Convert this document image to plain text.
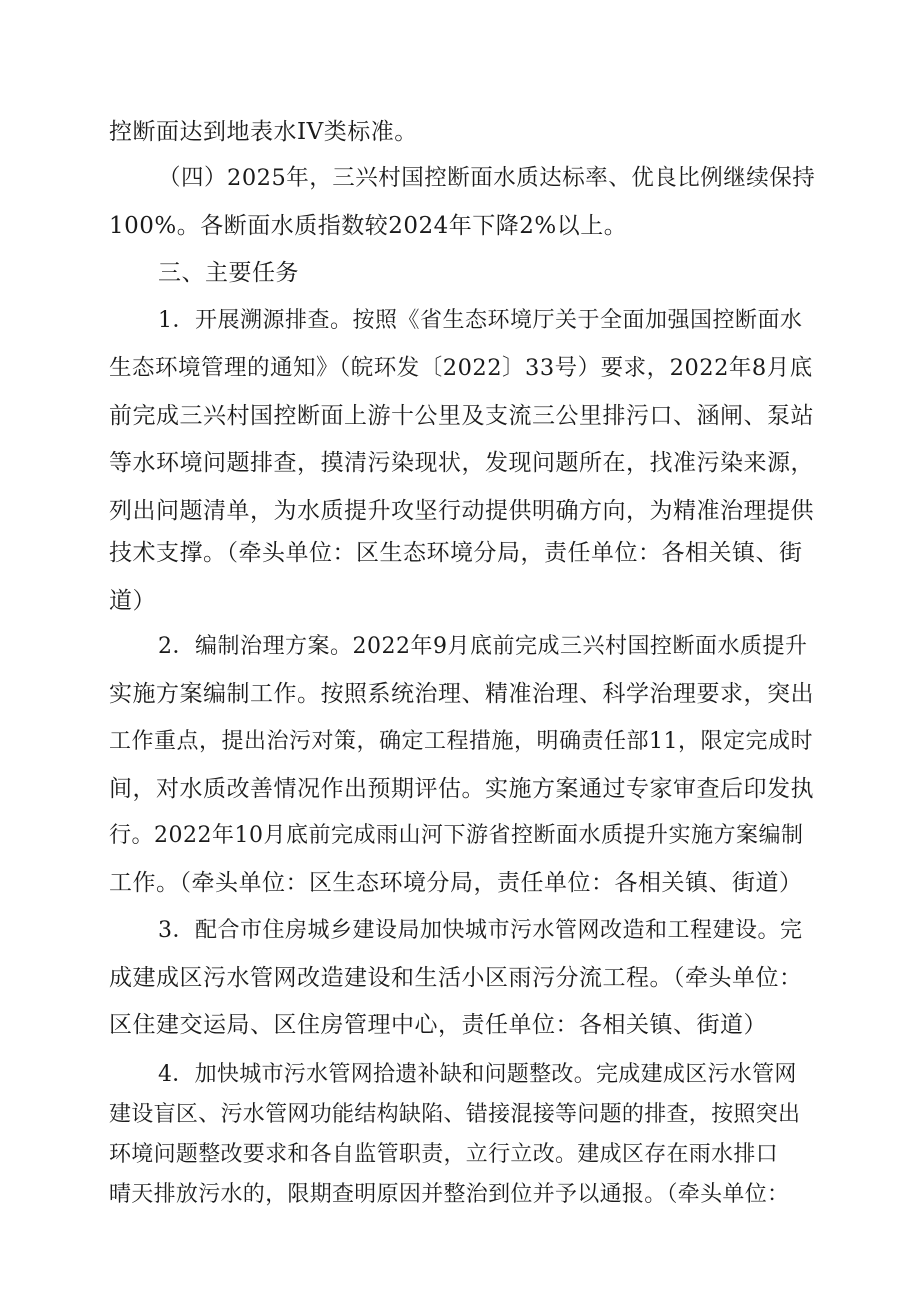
控断面达到地表水IV类标准。
（四）2025年，三兴村国控断面水质达标率、优良比例继续保持
100%。各断面水质指数较2024年下降2%以上。
三、主要任务
1．开展溯源排查。按照《省生态环境厅关于全面加强国控断面水
生态环境管理的通知》（皖环发〔2022〕33号）要求，2022年8月底
前完成三兴村国控断面上游十公里及支流三公里排污口、涵闸、泵站
等水环境问题排查，摸清污染现状，发现问题所在，找准污染来源，
列出问题清单，为水质提升攻坚行动提供明确方向，为精准治理提供
技术支撑。（牵头单位：区生态环境分局，责任单位：各相关镇、街
道）
2．编制治理方案。2022年9月底前完成三兴村国控断面水质提升
实施方案编制工作。按照系统治理、精准治理、科学治理要求，突出
工作重点，提出治污对策，确定工程措施，明确责任部11，限定完成时
间，对水质改善情况作出预期评估。实施方案通过专家审查后印发执
行。2022年10月底前完成雨山河下游省控断面水质提升实施方案编制
工作。（牵头单位：区生态环境分局，责任单位：各相关镇、街道）
3．配合市住房城乡建设局加快城市污水管网改造和工程建设。完
成建成区污水管网改造建设和生活小区雨污分流工程。（牵头单位：
区住建交运局、区住房管理中心，责任单位：各相关镇、街道）
4．加快城市污水管网拾遗补缺和问题整改。完成建成区污水管网
建设盲区、污水管网功能结构缺陷、错接混接等问题的排查，按照突出
环境问题整改要求和各自监管职责，立行立改。建成区存在雨水排口
晴天排放污水的，限期查明原因并整治到位并予以通报。（牵头单位：
